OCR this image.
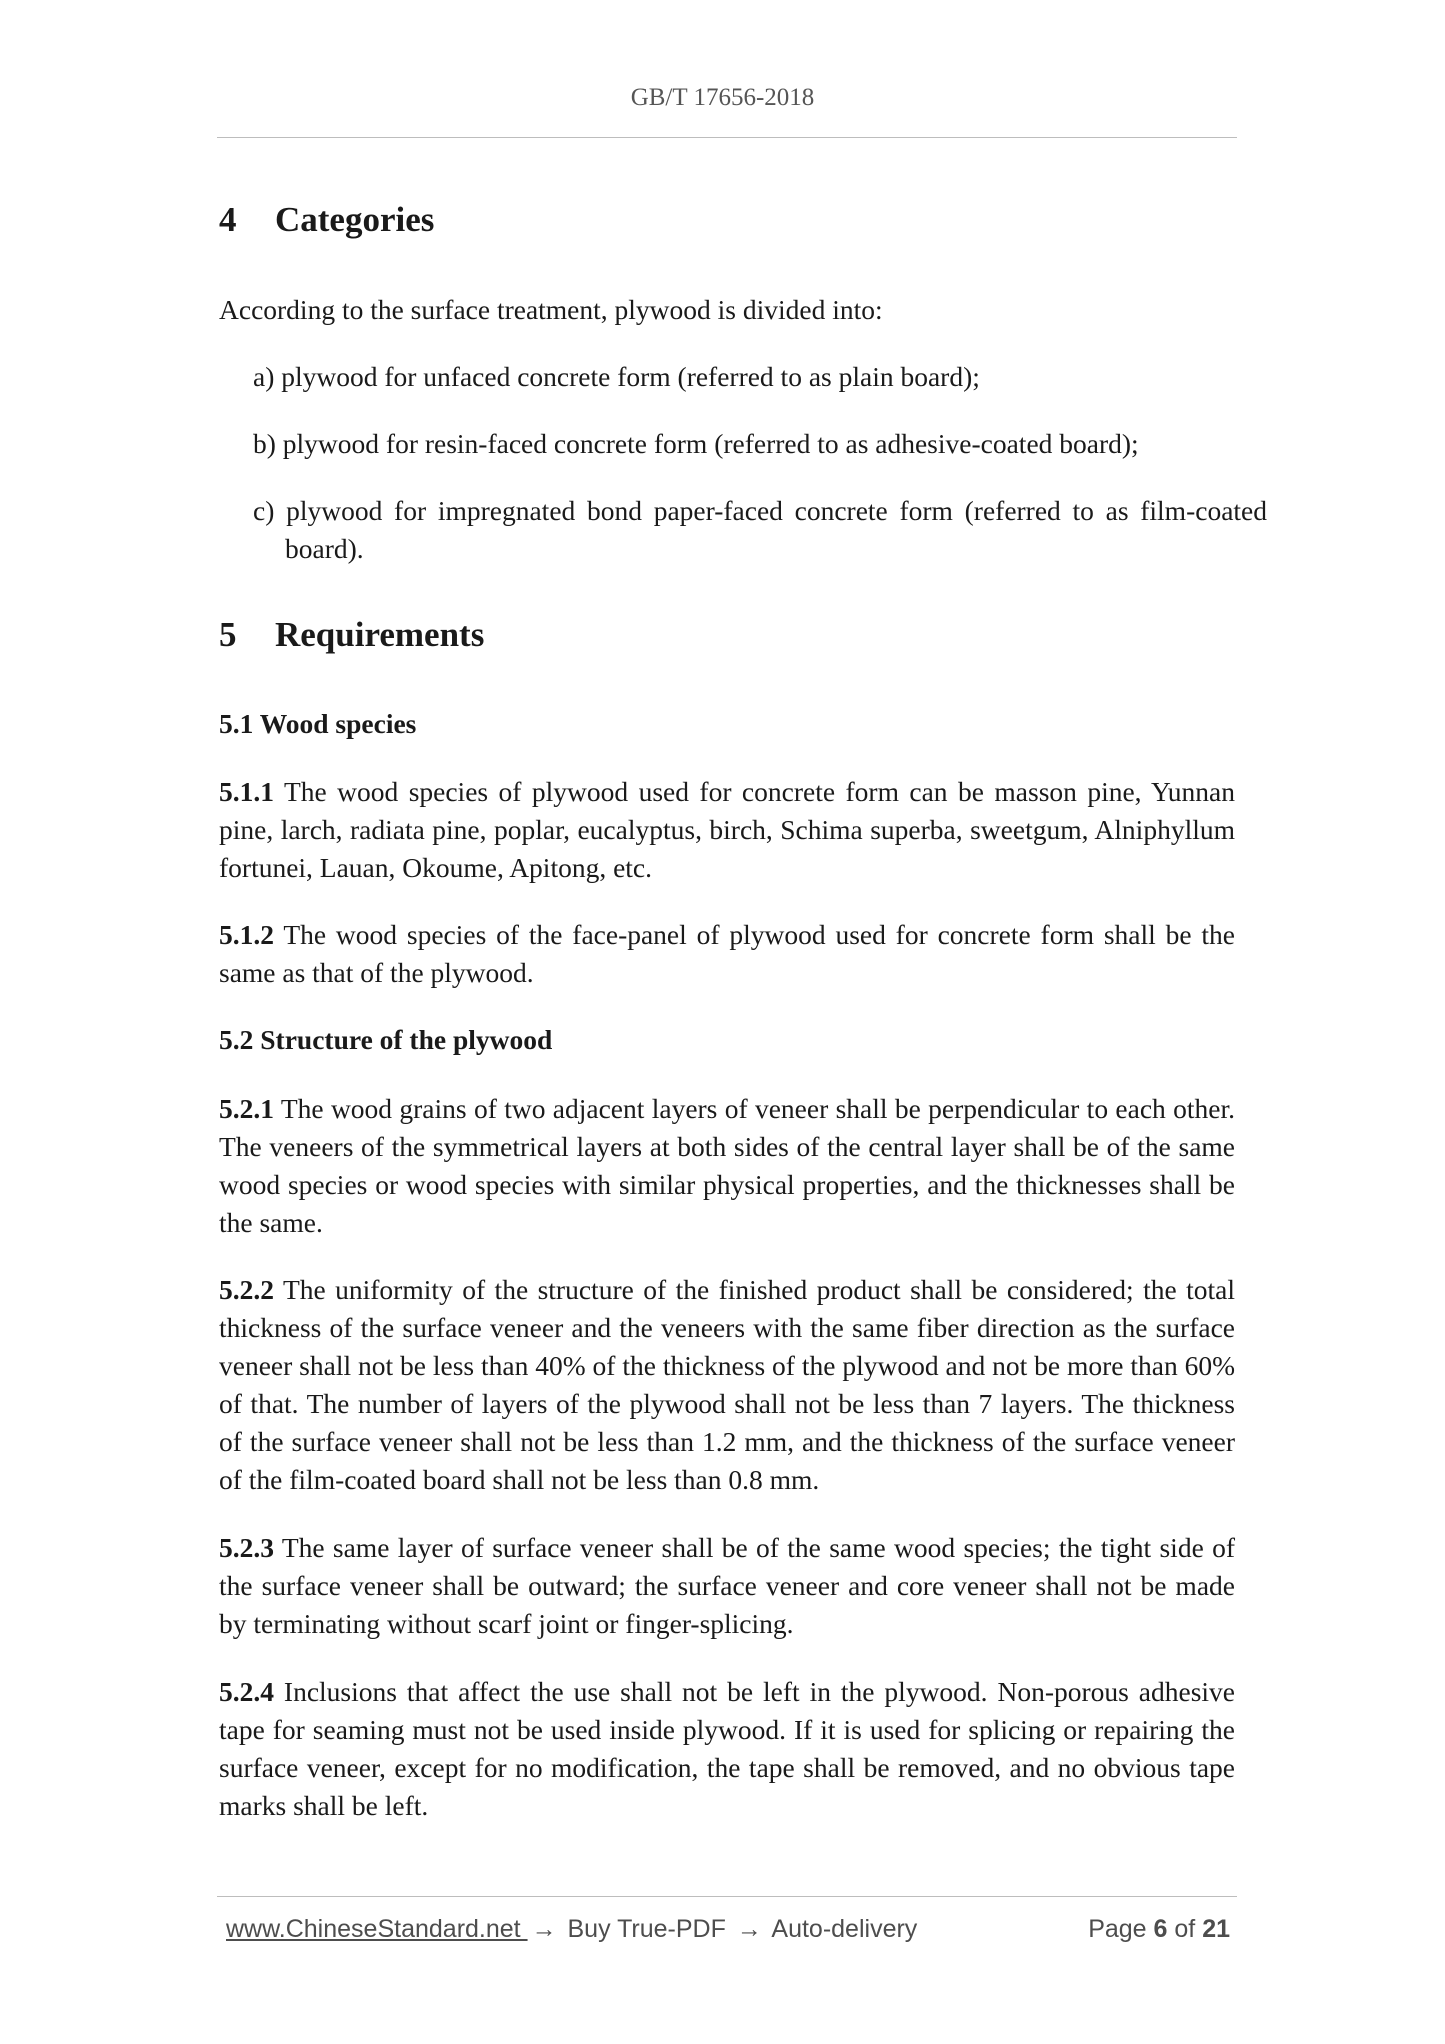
GB/T 17656-2018
4 Categories

According to the surface treatment, plywood is divided into:

a) plywood for unfaced concrete form (referred to as plain board);

b) plywood for resin-faced concrete form (referred to as adhesive-coated board);

c) plywood for impregnated bond paper-faced concrete form (referred to as film-coated board).

5 Requirements
5.1 Wood species

5.1.1 The wood species of plywood used for concrete form can be masson pine, Yunnan pine, larch, radiata pine, poplar, eucalyptus, birch, Schima superba, sweetgum, Alniphyllum fortunei, Lauan, Okoume, Apitong, etc.

5.1.2 The wood species of the face-panel of plywood used for concrete form shall be the same as that of the plywood.

5.2 Structure of the plywood

5.2.1 The wood grains of two adjacent layers of veneer shall be perpendicular to each other. The veneers of the symmetrical layers at both sides of the central layer shall be of the same wood species or wood species with similar physical properties, and the thicknesses shall be the same.

5.2.2 The uniformity of the structure of the finished product shall be considered; the total thickness of the surface veneer and the veneers with the same fiber direction as the surface veneer shall not be less than 40% of the thickness of the plywood and not be more than 60% of that. The number of layers of the plywood shall not be less than 7 layers. The thickness of the surface veneer shall not be less than 1.2 mm, and the thickness of the surface veneer of the film-coated board shall not be less than 0.8 mm.

5.2.3 The same layer of surface veneer shall be of the same wood species; the tight side of the surface veneer shall be outward; the surface veneer and core veneer shall not be made by terminating without scarf joint or finger-splicing.

5.2.4 Inclusions that affect the use shall not be left in the plywood. Non-porous adhesive tape for seaming must not be used inside plywood. If it is used for splicing or repairing the surface veneer, except for no modification, the tape shall be removed, and no obvious tape marks shall be left.

www.ChineseStandard.net → Buy True-PDF → Auto-delivery	Page 6 of 21
